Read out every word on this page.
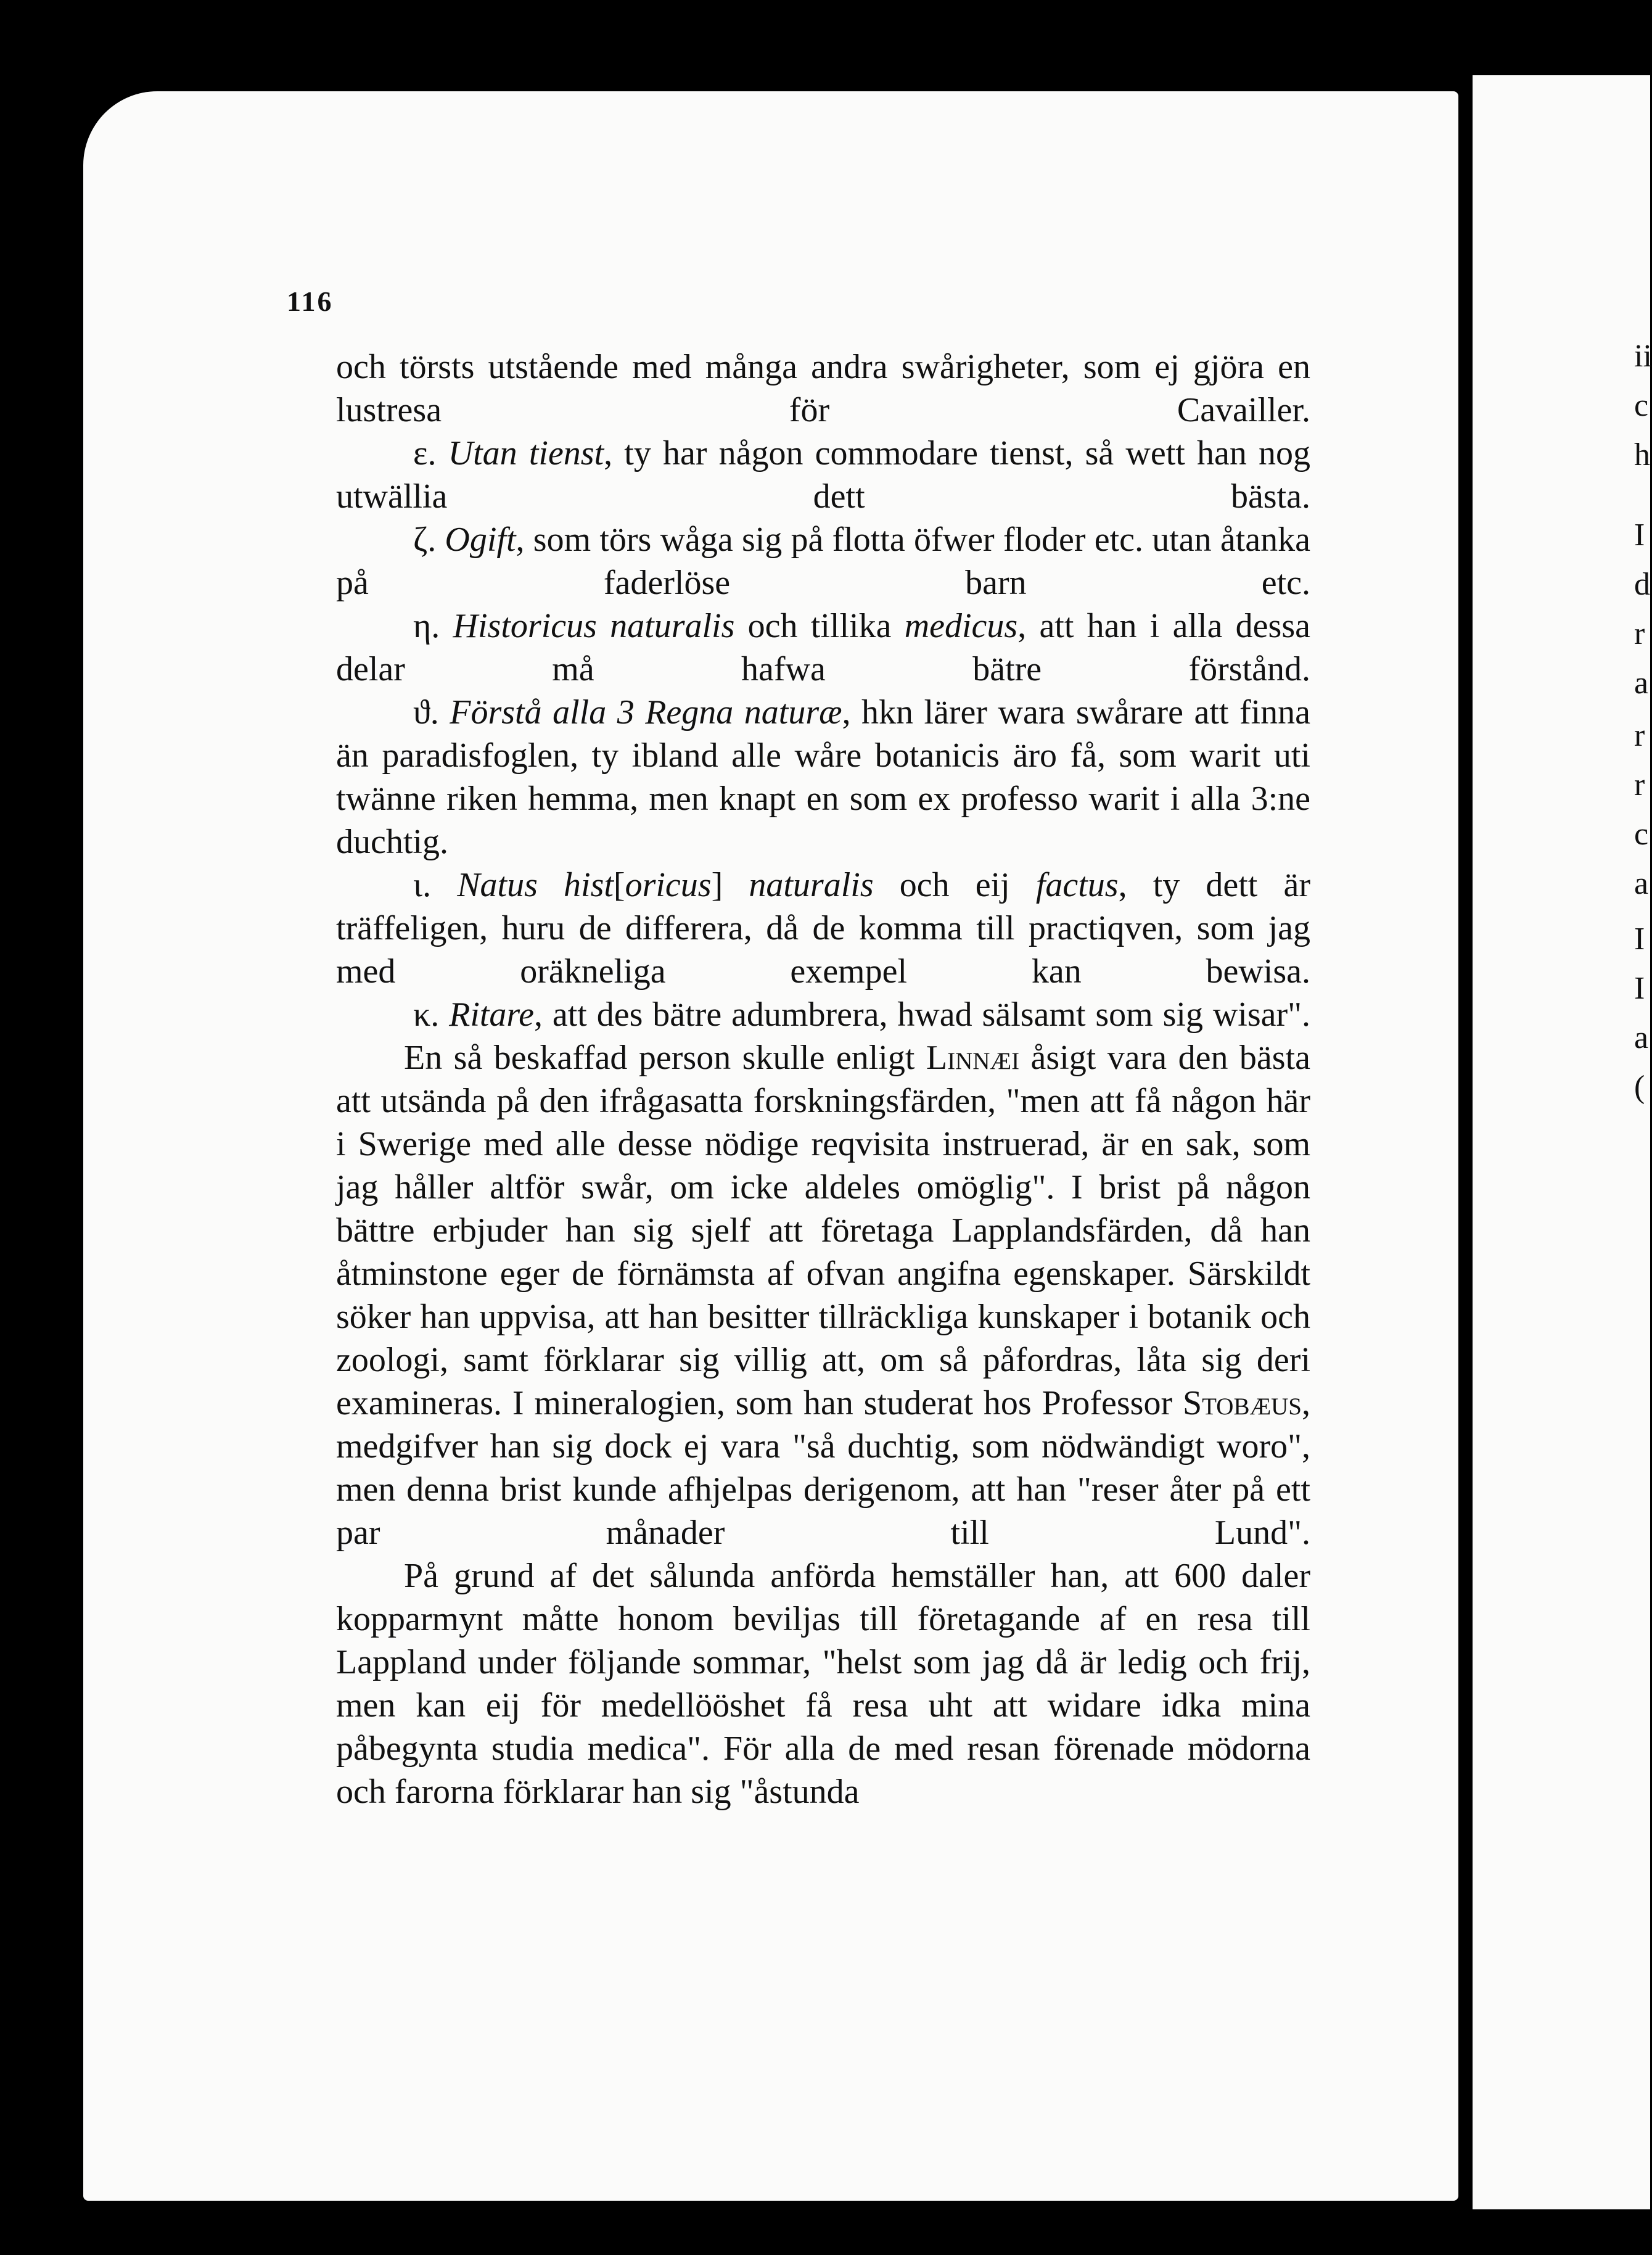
ii
c
h
I
d
r
a
r
r
c
a
I
I
a
(
116

och törsts utstående med många andra swårigheter, som ej gjöra en lustresa för Cavailler.

ε. Utan tienst, ty har någon commodare tienst, så wett han nog utwällia dett bästa.

ζ. Ogift, som törs wåga sig på flotta öfwer floder etc. utan åtanka på faderlöse barn etc.

η. Historicus naturalis och tillika medicus, att han i alla dessa delar må hafwa bätre förstånd.

ϑ. Förstå alla 3 Regna naturæ, hkn lärer wara swårare att finna än paradisfoglen, ty ibland alle wåre botanicis äro få, som warit uti twänne riken hemma, men knapt en som ex professo warit i alla 3:ne duchtig.

ι. Natus hist[oricus] naturalis och eij factus, ty dett är träffeligen, huru de differera, då de komma till practiqven, som jag med oräkneliga exempel kan bewisa.

κ. Ritare, att des bätre adumbrera, hwad sälsamt som sig wisar".

En så beskaffad person skulle enligt Linnæi åsigt vara den bästa att utsända på den ifrågasatta forskningsfärden, "men att få någon här i Swerige med alle desse nödige reqvisita instruerad, är en sak, som jag håller altför swår, om icke aldeles omöglig". I brist på någon bättre erbjuder han sig sjelf att företaga Lapplandsfärden, då han åtminstone eger de förnämsta af ofvan angifna egenskaper. Särskildt söker han uppvisa, att han besitter tillräckliga kunskaper i botanik och zoologi, samt förklarar sig villig att, om så påfordras, låta sig deri examineras. I mineralogien, som han studerat hos Professor Stobæus, medgifver han sig dock ej vara "så duchtig, som nödwändigt woro", men denna brist kunde afhjelpas derigenom, att han "reser åter på ett par månader till Lund".

På grund af det sålunda anförda hemställer han, att 600 daler kopparmynt måtte honom beviljas till företagande af en resa till Lappland under följande sommar, "helst som jag då är ledig och frij, men kan eij för medellööshet få resa uht att widare idka mina påbegynta studia medica". För alla de med resan förenade mödorna och farorna förklarar han sig "åstunda
